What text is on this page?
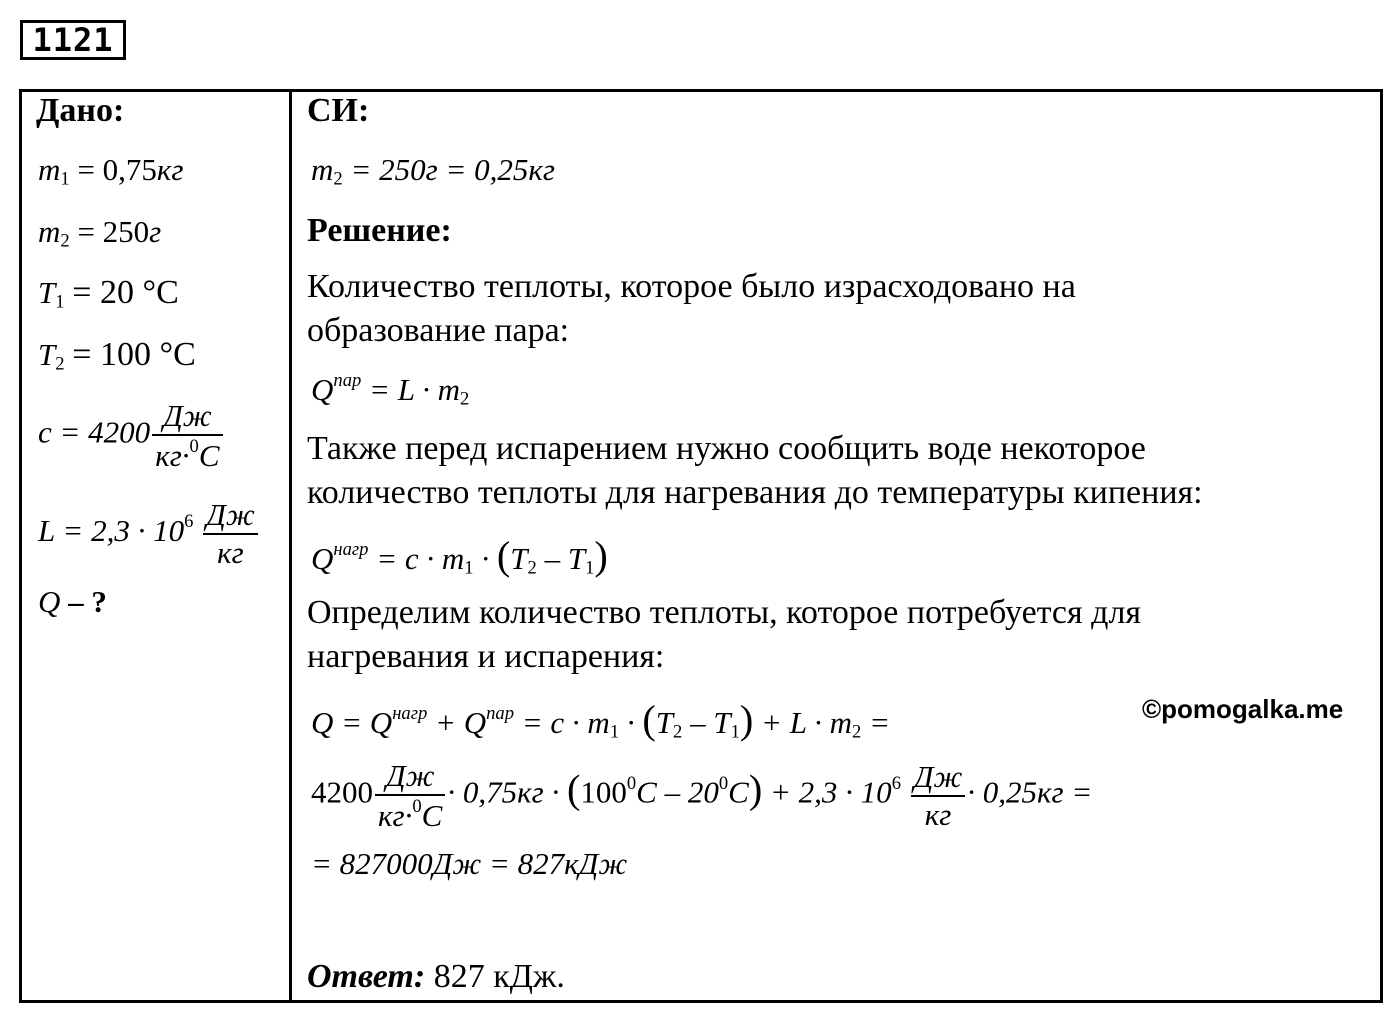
1121
Дано:
$m_1 = 0,75кг$
$m_2 = 250г$
$T_1 = 20$ °С
$T_2 = 100$ °С
$c = 4200 \frac{Дж}{кг\cdot^0C}$
$L = 2,3 \cdot 10^6 \frac{Дж}{кг}$
Q – ?
СИ:
$m_2 = 250г = 0,25кг$
Решение:
Количество теплоты, которое было израсходовано на
образование пара:
$Q^{пар} = L \cdot m_2$
Также перед испарением нужно сообщить воде некоторое
количество теплоты для нагревания до температуры кипения:
$Q^{нагр} = c \cdot m_1 \cdot (T_2 - T_1)$
Определим количество теплоты, которое потребуется для
нагревания и испарения:
$Q = Q^{нагр} + Q^{пар} = c \cdot m_1 \cdot (T_2 - T_1) + L \cdot m_2$ =	©pomogalka.me
$4200 \frac{Дж}{кг\cdot^0C} \cdot 0,75кг \cdot (100^0C - 20^0C) + 2,3 \cdot 10^6 \frac{Дж}{кг} \cdot 0,25кг$ =
= 827000Дж = 827кДж
Ответ: 827 кДж.
